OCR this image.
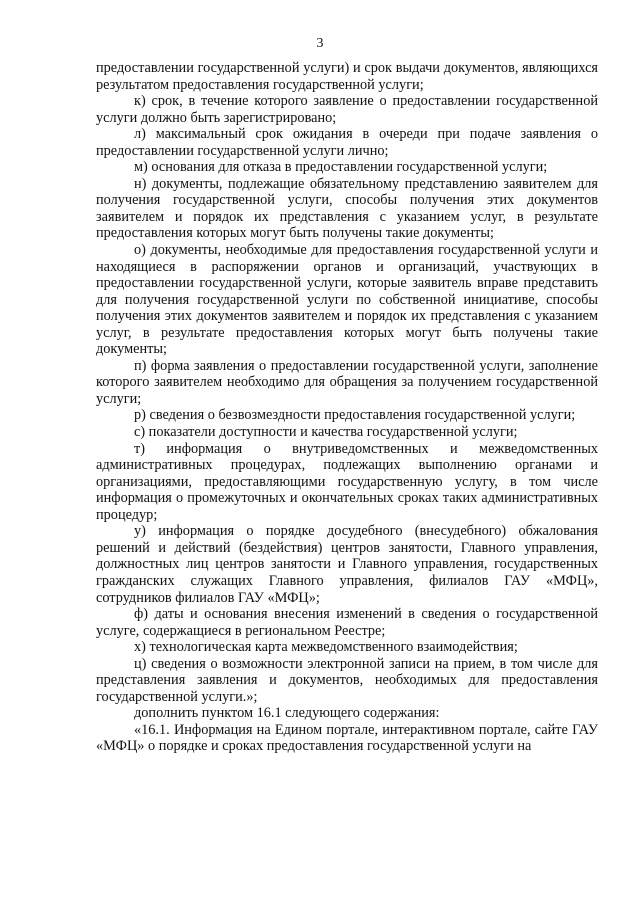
3

предоставлении государственной услуги) и срок выдачи документов, являющихся результатом предоставления государственной услуги;

к) срок, в течение которого заявление о предоставлении государственной услуги должно быть зарегистрировано;

л) максимальный срок ожидания в очереди при подаче заявления о предоставлении государственной услуги лично;

м) основания для отказа в предоставлении государственной услуги;

н) документы, подлежащие обязательному представлению заявителем для получения государственной услуги, способы получения этих документов заявителем и порядок их представления с указанием услуг, в результате предоставления которых могут быть получены такие документы;

о) документы, необходимые для предоставления государственной услуги и находящиеся в распоряжении органов и организаций, участвующих в предоставлении государственной услуги, которые заявитель вправе представить для получения государственной услуги по собственной инициативе, способы получения этих документов заявителем и порядок их представления с указанием услуг, в результате предоставления которых могут быть получены такие документы;

п) форма заявления о предоставлении государственной услуги, заполнение которого заявителем необходимо для обращения за получением государственной услуги;

р) сведения о безвозмездности предоставления государственной услуги;

с) показатели доступности и качества государственной услуги;

т) информация о внутриведомственных и межведомственных административных процедурах, подлежащих выполнению органами и организациями, предоставляющими государственную услугу, в том числе информация о промежуточных и окончательных сроках таких административных процедур;

у) информация о порядке досудебного (внесудебного) обжалования решений и действий (бездействия) центров занятости, Главного управления, должностных лиц центров занятости и Главного управления, государственных гражданских служащих Главного управления, филиалов ГАУ «МФЦ», сотрудников филиалов ГАУ «МФЦ»;

ф) даты и основания внесения изменений в сведения о государственной услуге, содержащиеся в региональном Реестре;

х) технологическая карта межведомственного взаимодействия;

ц) сведения о возможности электронной записи на прием, в том числе для представления заявления и документов, необходимых для предоставления государственной услуги.»;

дополнить пунктом 16.1 следующего содержания:

«16.1. Информация на Едином портале, интерактивном портале, сайте ГАУ «МФЦ» о порядке и сроках предоставления государственной услуги на
